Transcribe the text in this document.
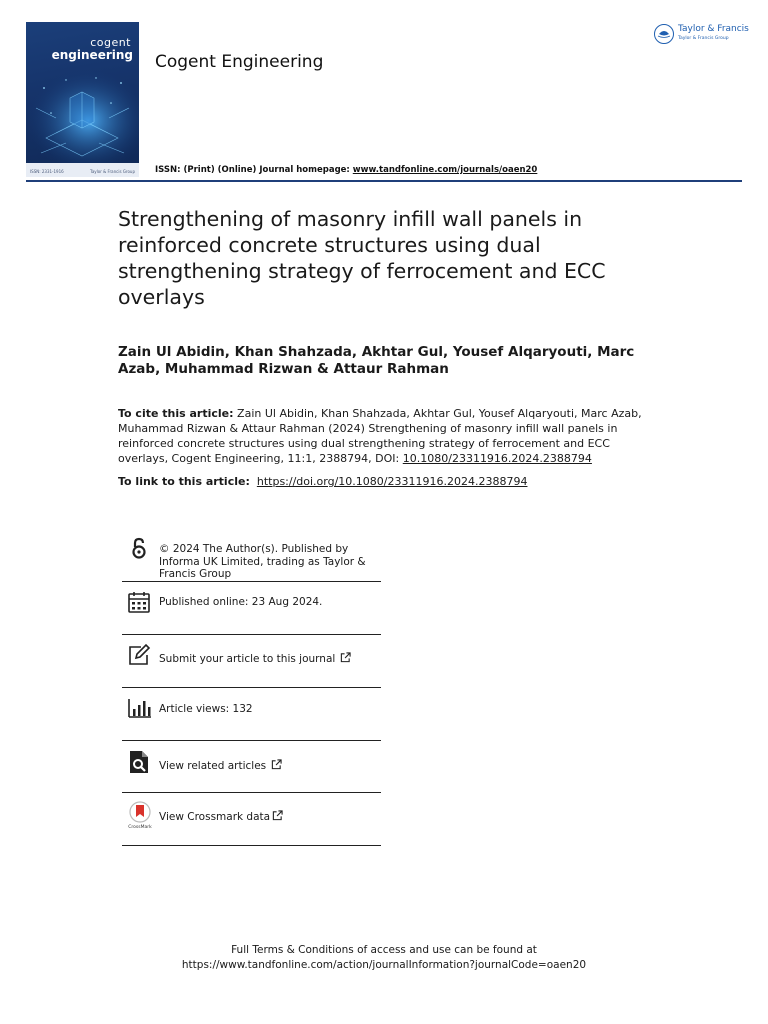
cogent
engineering
ISSN: 2331-1916	Taylor & Francis Group
Cogent Engineering
Taylor & Francis
Taylor & Francis Group
ISSN: (Print) (Online) Journal homepage: www.tandfonline.com/journals/oaen20
Strengthening of masonry infill wall panels in reinforced concrete structures using dual strengthening strategy of ferrocement and ECC overlays
Zain Ul Abidin, Khan Shahzada, Akhtar Gul, Yousef Alqaryouti, Marc Azab, Muhammad Rizwan & Attaur Rahman
To cite this article: Zain Ul Abidin, Khan Shahzada, Akhtar Gul, Yousef Alqaryouti, Marc Azab, Muhammad Rizwan & Attaur Rahman (2024) Strengthening of masonry infill wall panels in reinforced concrete structures using dual strengthening strategy of ferrocement and ECC overlays, Cogent Engineering, 11:1, 2388794, DOI: 10.1080/23311916.2024.2388794
To link to this article: https://doi.org/10.1080/23311916.2024.2388794
© 2024 The Author(s). Published by Informa UK Limited, trading as Taylor & Francis Group
Published online: 23 Aug 2024.
Submit your article to this journal
Article views: 132
View related articles
CrossMark
View Crossmark data
Full Terms & Conditions of access and use can be found at
https://www.tandfonline.com/action/journalInformation?journalCode=oaen20
